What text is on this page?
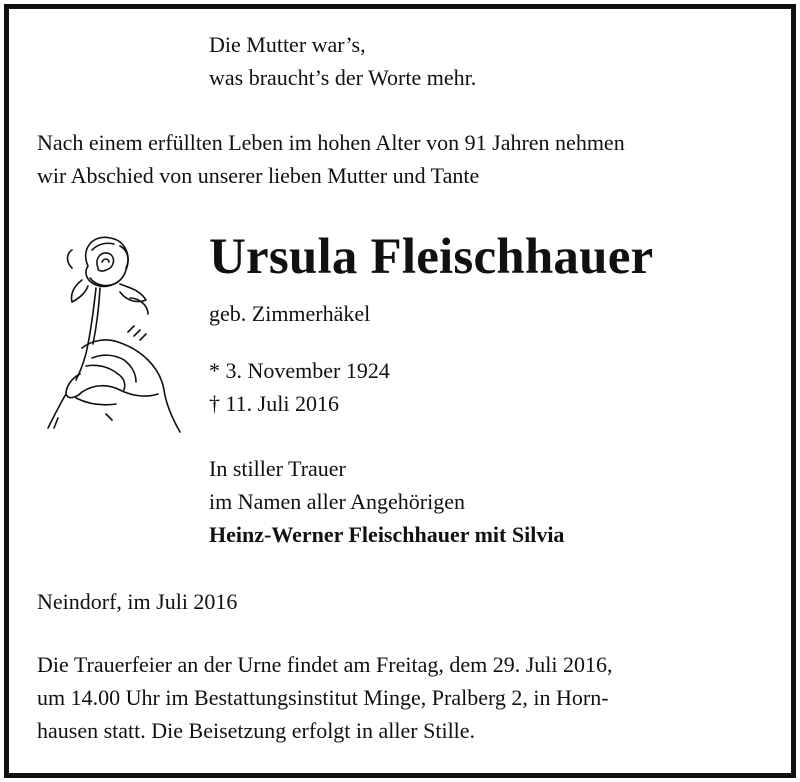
Die Mutter war’s,
was braucht’s der Worte mehr.
Nach einem erfüllten Leben im hohen Alter von 91 Jahren nehmen
wir Abschied von unserer lieben Mutter und Tante
Ursula Fleischhauer
geb. Zimmerhäkel
* 3. November 1924
† 11. Juli 2016
In stiller Trauer
im Namen aller Angehörigen
Heinz-Werner Fleischhauer mit Silvia
Neindorf, im Juli 2016
Die Trauerfeier an der Urne findet am Freitag, dem 29. Juli 2016,
um 14.00 Uhr im Bestattungsinstitut Minge, Pralberg 2, in Horn-
hausen statt. Die Beisetzung erfolgt in aller Stille.
